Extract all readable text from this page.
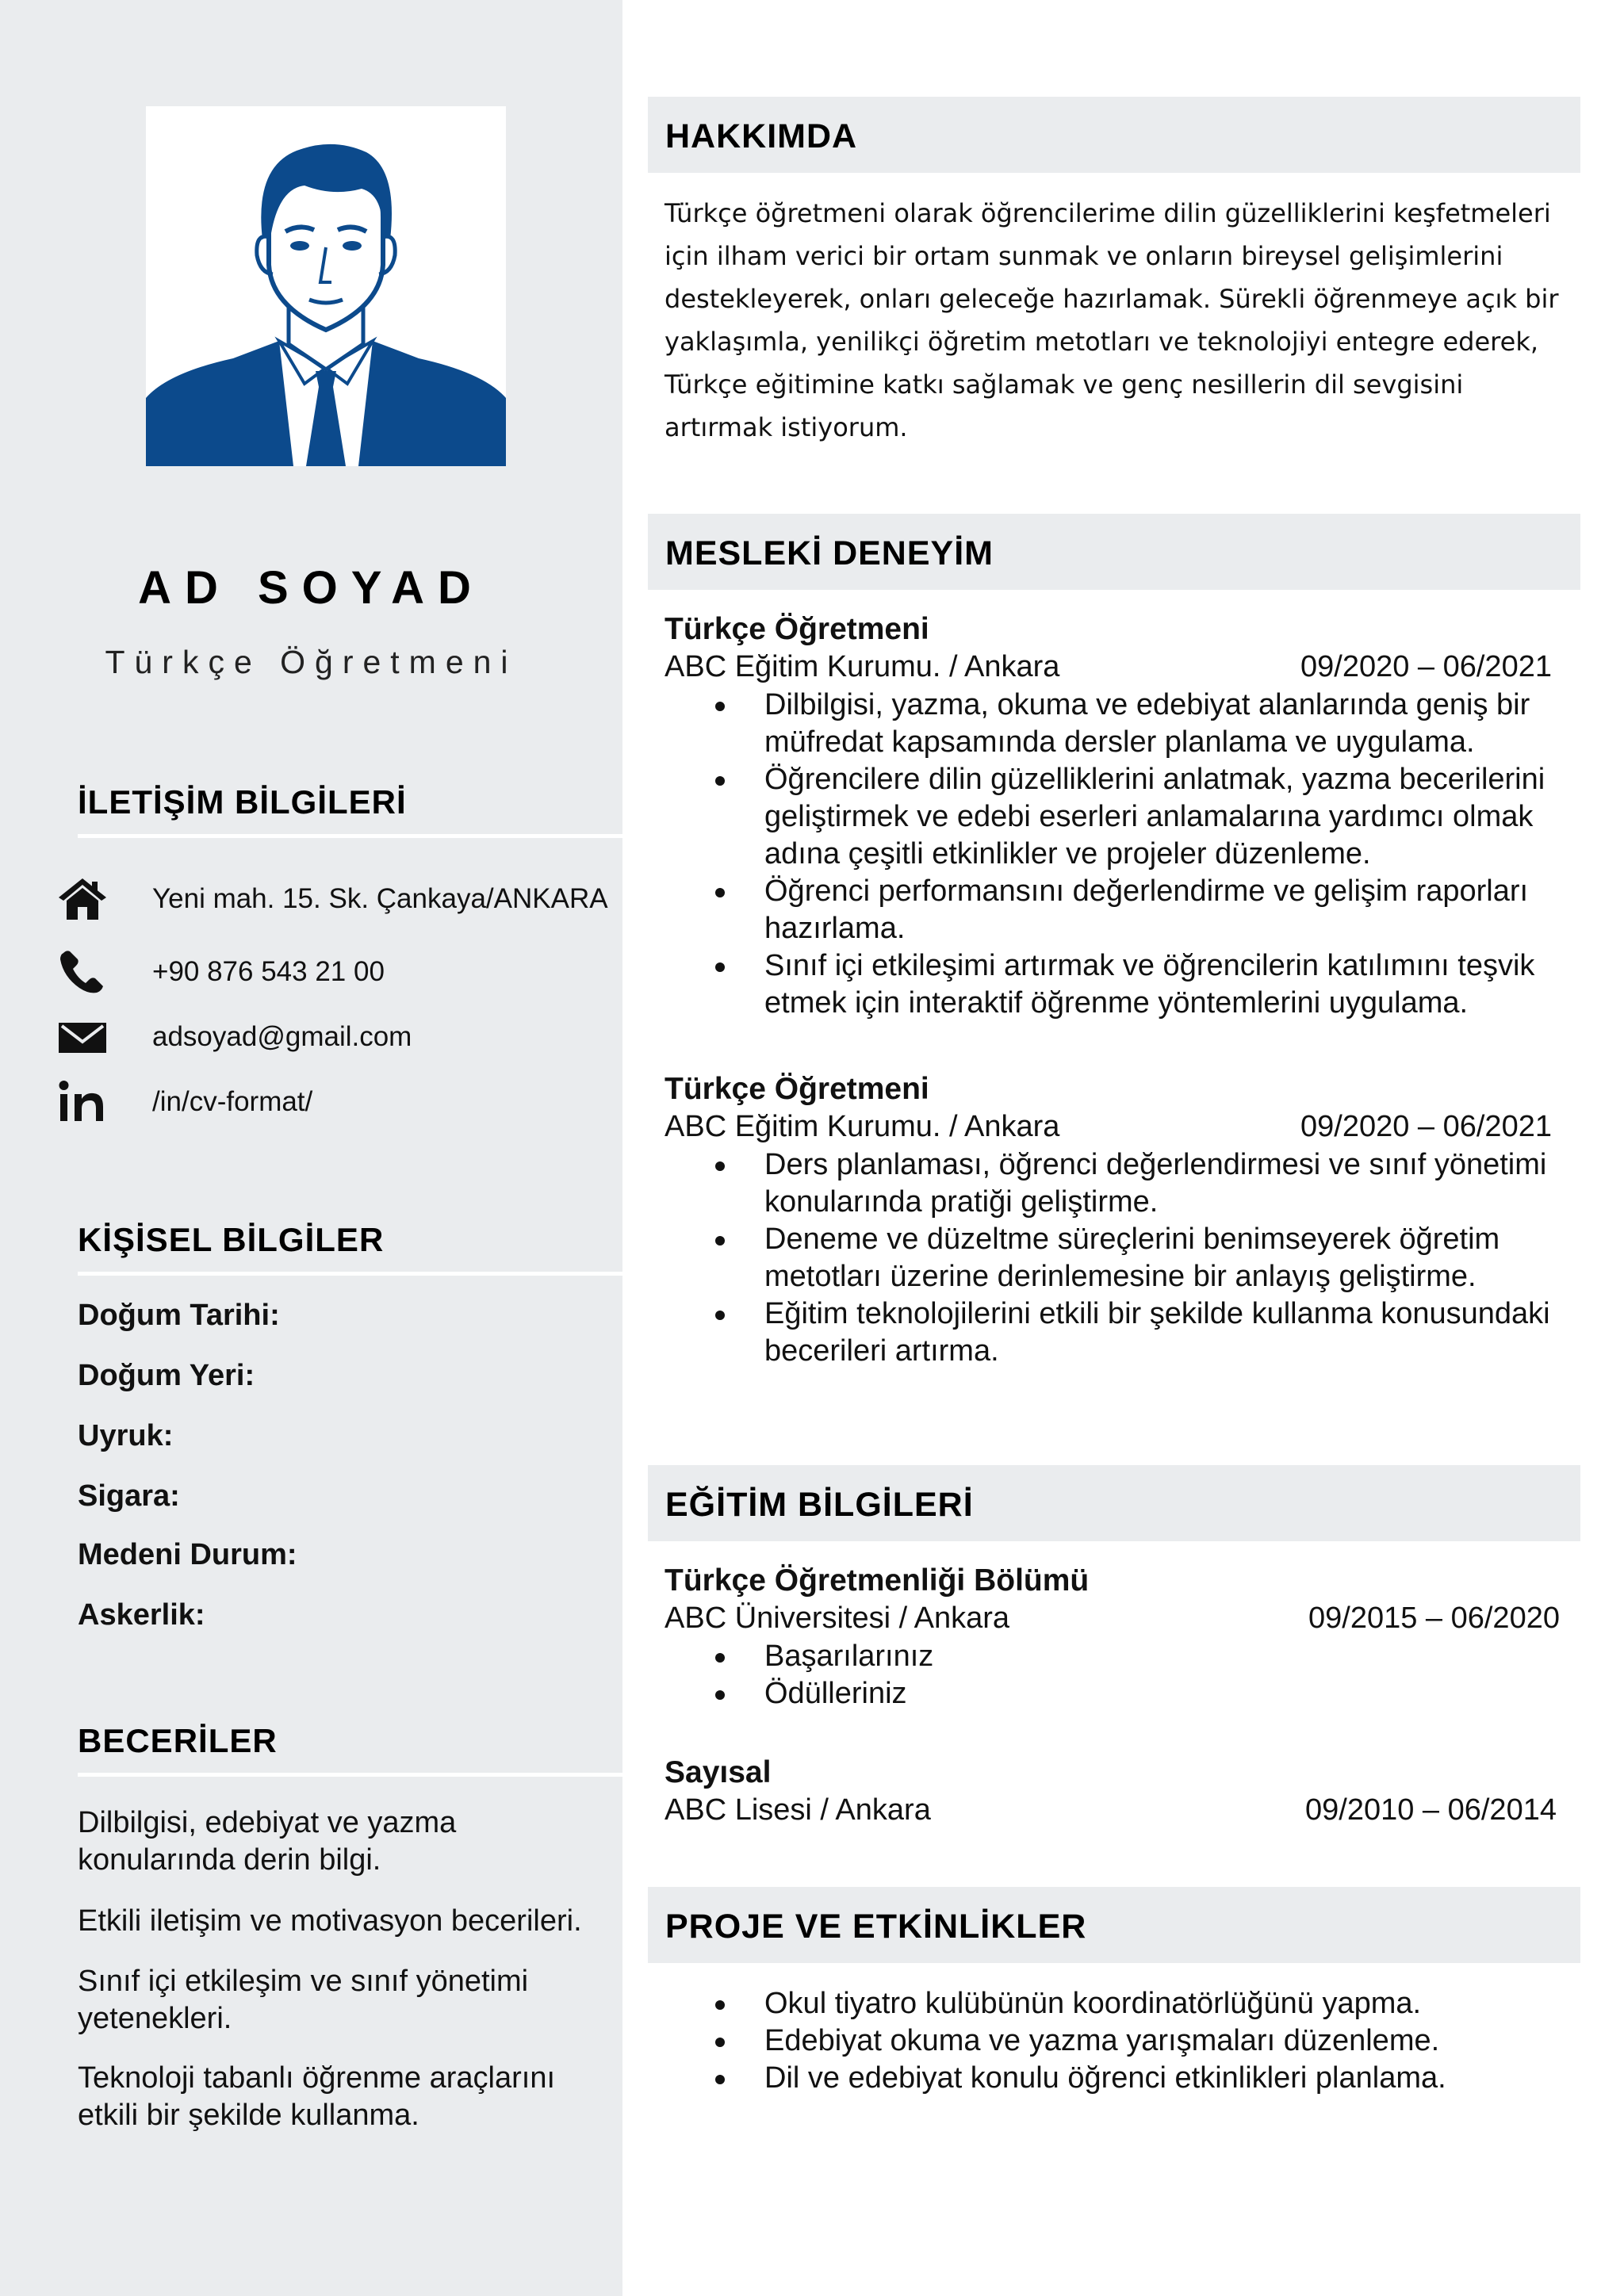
AD SOYAD
Türkçe Öğretmeni
İLETİŞİM BİLGİLERİ
Yeni mah. 15. Sk. Çankaya/ANKARA
+90 876 543 21 00
adsoyad@gmail.com
/in/cv-format/
KİŞİSEL BİLGİLER
Doğum Tarihi:
Doğum Yeri:
Uyruk:
Sigara:
Medeni Durum:
Askerlik:
BECERİLER
Dilbilgisi, edebiyat ve yazma konularında derin bilgi.
Etkili iletişim ve motivasyon becerileri.
Sınıf içi etkileşim ve sınıf yönetimi yetenekleri.
Teknoloji tabanlı öğrenme araçlarını etkili bir şekilde kullanma.
HAKKIMDA
Türkçe öğretmeni olarak öğrencilerime dilin güzelliklerini keşfetmeleri için ilham verici bir ortam sunmak ve onların bireysel gelişimlerini destekleyerek, onları geleceğe hazırlamak. Sürekli öğrenmeye açık bir yaklaşımla, yenilikçi öğretim metotları ve teknolojiyi entegre ederek, Türkçe eğitimine katkı sağlamak ve genç nesillerin dil sevgisini artırmak istiyorum.
MESLEKİ DENEYİM
Türkçe Öğretmeni
ABC Eğitim Kurumu. / Ankara	09/2020 – 06/2021
Dilbilgisi, yazma, okuma ve edebiyat alanlarında geniş bir müfredat kapsamında dersler planlama ve uygulama.
Öğrencilere dilin güzelliklerini anlatmak, yazma becerilerini geliştirmek ve edebi eserleri anlamalarına yardımcı olmak adına çeşitli etkinlikler ve projeler düzenleme.
Öğrenci performansını değerlendirme ve gelişim raporları hazırlama.
Sınıf içi etkileşimi artırmak ve öğrencilerin katılımını teşvik etmek için interaktif öğrenme yöntemlerini uygulama.
Türkçe Öğretmeni
ABC Eğitim Kurumu. / Ankara	09/2020 – 06/2021
Ders planlaması, öğrenci değerlendirmesi ve sınıf yönetimi konularında pratiği geliştirme.
Deneme ve düzeltme süreçlerini benimseyerek öğretim metotları üzerine derinlemesine bir anlayış geliştirme.
Eğitim teknolojilerini etkili bir şekilde kullanma konusundaki becerileri artırma.
EĞİTİM BİLGİLERİ
Türkçe Öğretmenliği Bölümü
ABC Üniversitesi / Ankara	09/2015 – 06/2020
Başarılarınız
Ödülleriniz
Sayısal
ABC Lisesi / Ankara	09/2010 – 06/2014
PROJE VE ETKİNLİKLER
Okul tiyatro kulübünün koordinatörlüğünü yapma.
Edebiyat okuma ve yazma yarışmaları düzenleme.
Dil ve edebiyat konulu öğrenci etkinlikleri planlama.
